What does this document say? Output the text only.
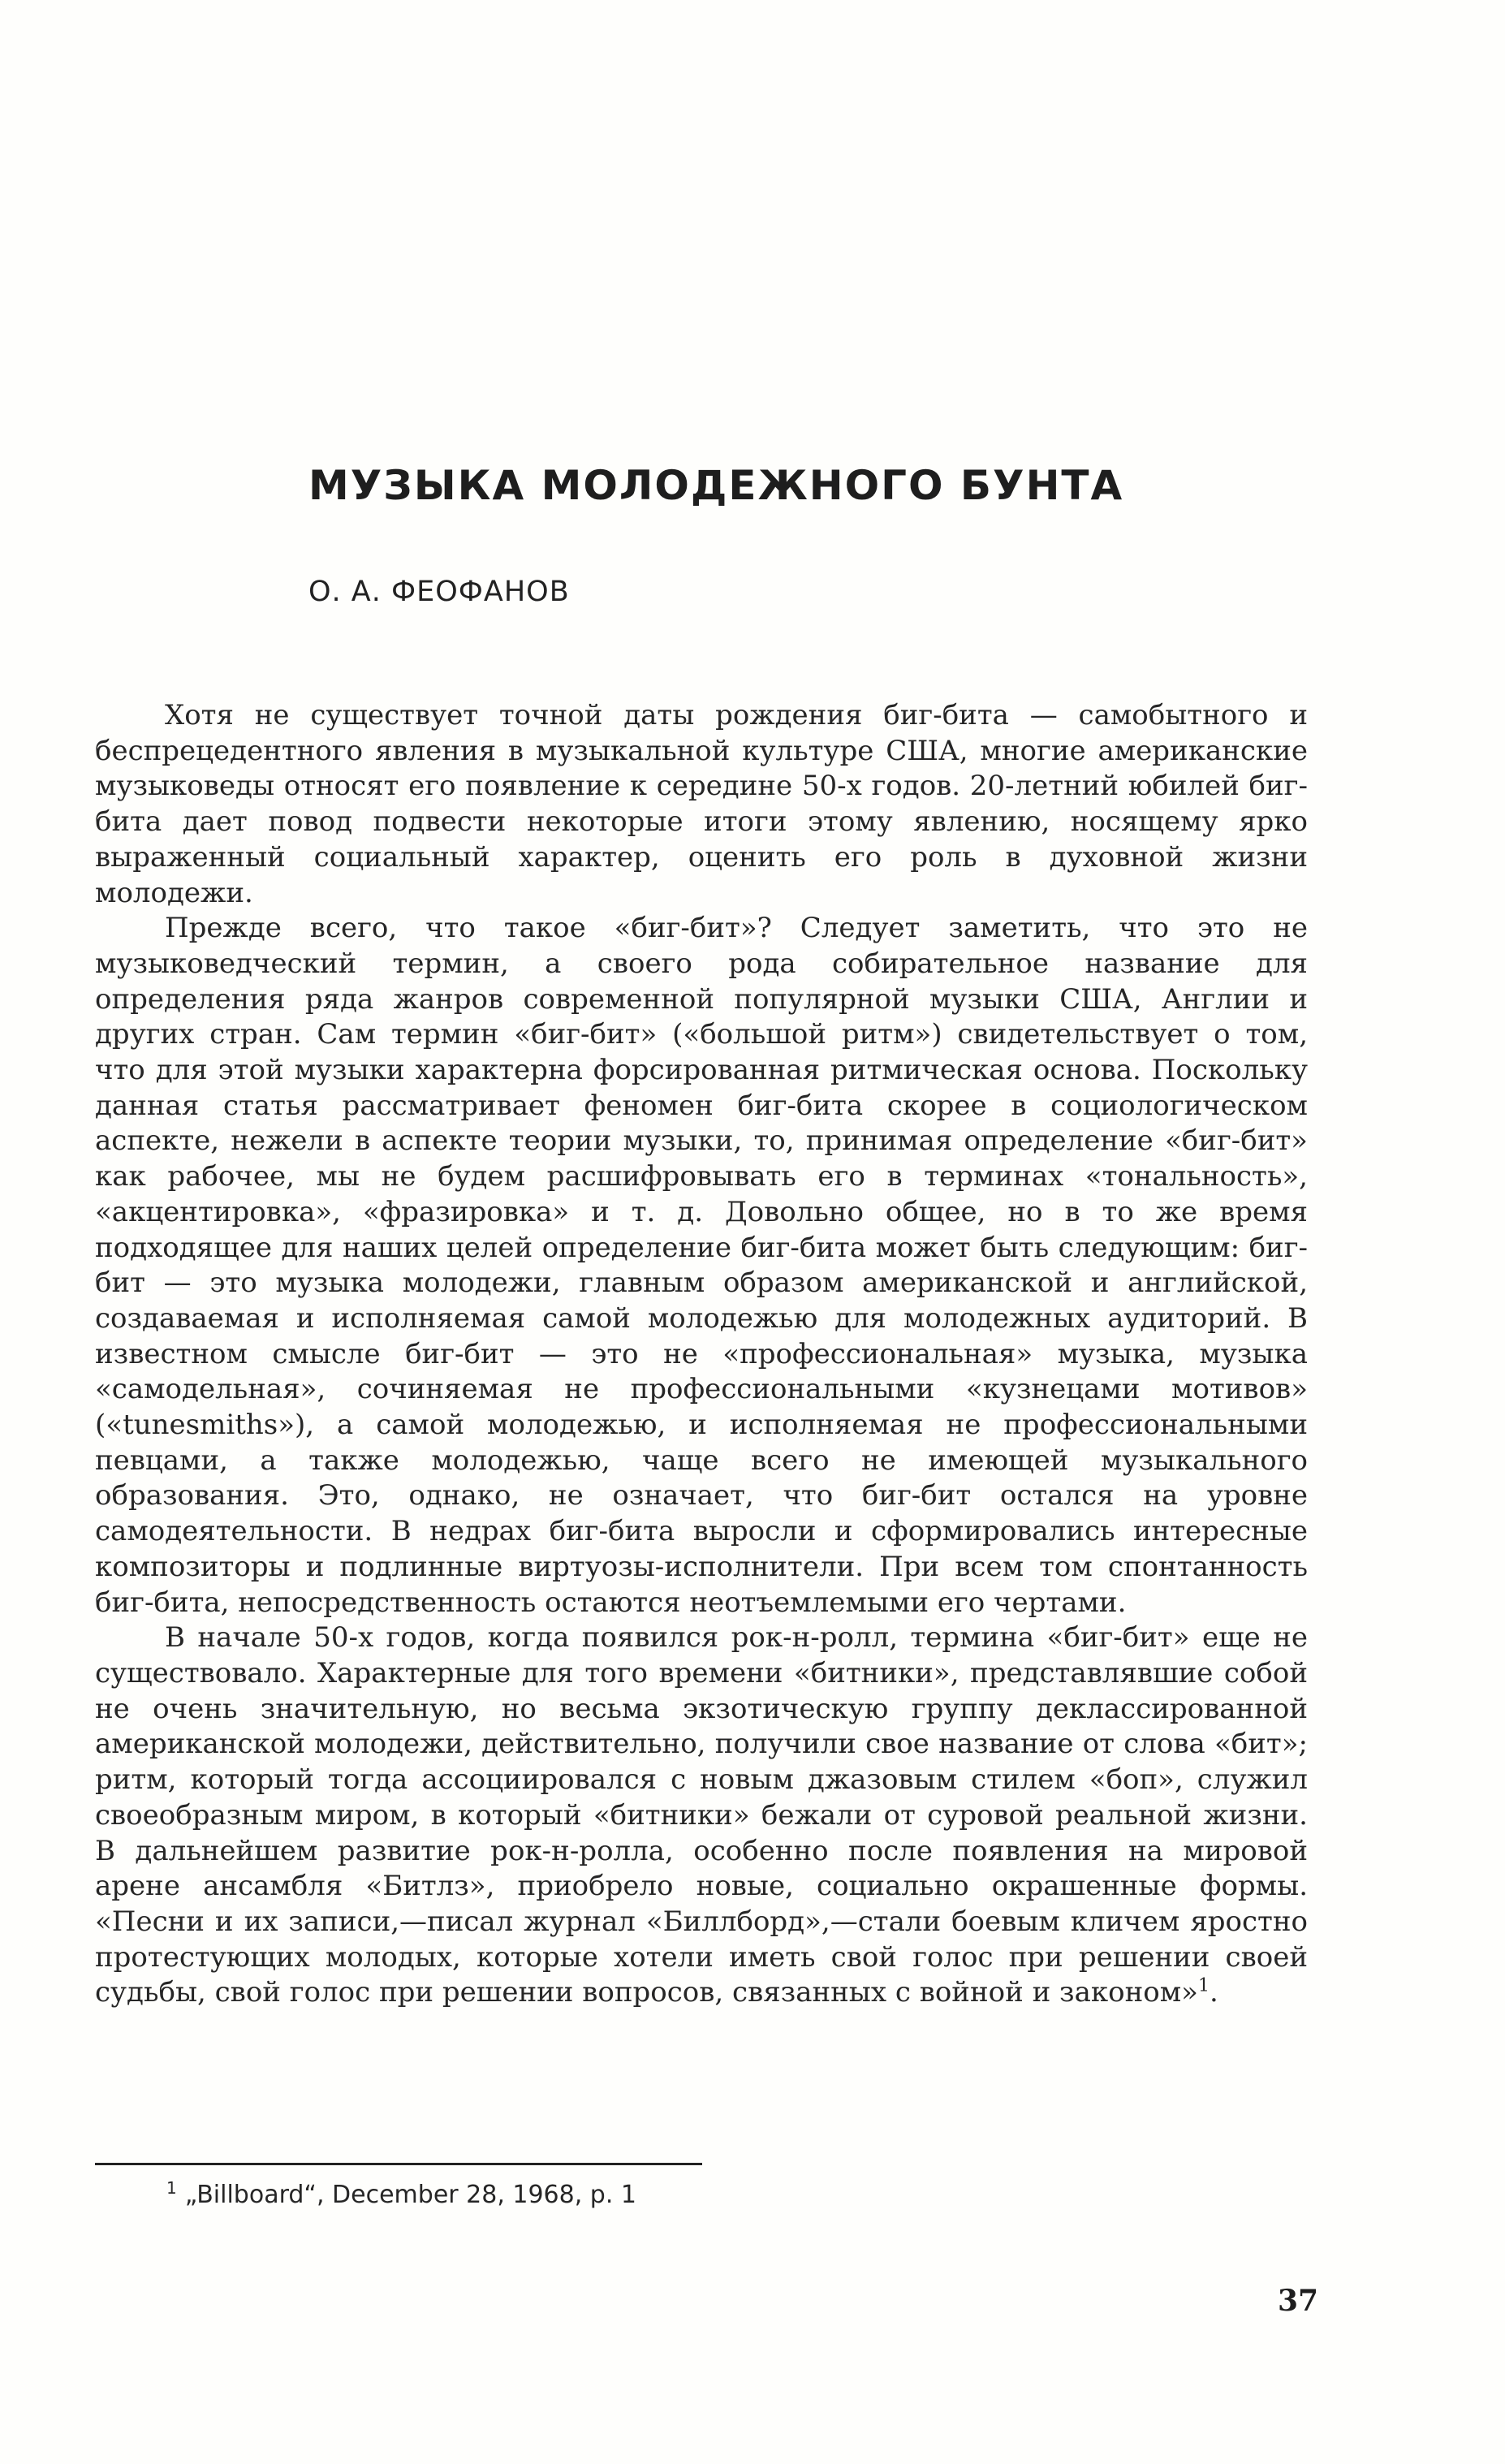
МУЗЫКА МОЛОДЕЖНОГО БУНТА

О. А. ФЕОФАНОВ

Хотя не существует точной даты рождения биг-бита — самобытного и беспрецедентного явления в музыкальной культуре США, многие американские музыковеды относят его появление к середине 50-х годов. 20-летний юбилей биг-бита дает повод подвести некоторые итоги этому явлению, носящему ярко выраженный социальный характер, оценить его роль в духовной жизни молодежи.

Прежде всего, что такое «биг-бит»? Следует заметить, что это не музыковедческий термин, а своего рода собирательное название для определения ряда жанров современной популярной музыки США, Англии и других стран. Сам термин «биг-бит» («большой ритм») свидетельствует о том, что для этой музыки характерна форсированная ритмическая основа. Поскольку данная статья рассматривает феномен биг-бита скорее в социологическом аспекте, нежели в аспекте теории музыки, то, принимая определение «биг-бит» как рабочее, мы не будем расшифровывать его в терминах «тональность», «акцентировка», «фразировка» и т. д. Довольно общее, но в то же время подходящее для наших целей определение биг-бита может быть следующим: биг-бит — это музыка молодежи, главным образом американской и английской, создаваемая и исполняемая самой молодежью для молодежных аудиторий. В известном смысле биг-бит — это не «профессиональная» музыка, музыка «самодельная», сочиняемая не профессиональными «кузнецами мотивов» («tunesmiths»), а самой молодежью, и исполняемая не профессиональными певцами, а также молодежью, чаще всего не имеющей музыкального образования. Это, однако, не означает, что биг-бит остался на уровне самодеятельности. В недрах биг-бита выросли и сформировались интересные композиторы и подлинные виртуозы-исполнители. При всем том спонтанность биг-бита, непосредственность остаются неотъемлемыми его чертами.

В начале 50-х годов, когда появился рок-н-ролл, термина «биг-бит» еще не существовало. Характерные для того времени «битники», представлявшие собой не очень значительную, но весьма экзотическую группу деклассированной американской молодежи, действительно, получили свое название от слова «бит»; ритм, который тогда ассоциировался с новым джазовым стилем «боп», служил своеобразным миром, в который «битники» бежали от суровой реальной жизни. В дальнейшем развитие рок-н-ролла, особенно после появления на мировой арене ансамбля «Битлз», приобрело новые, социально окрашенные формы. «Песни и их записи,—писал журнал «Биллборд»,—стали боевым кличем яростно протестующих молодых, которые хотели иметь свой голос при решении своей судьбы, свой голос при решении вопросов, связанных с войной и законом»$^1$.

$^1$ „Billboard“, December 28, 1968, p. 1

37
